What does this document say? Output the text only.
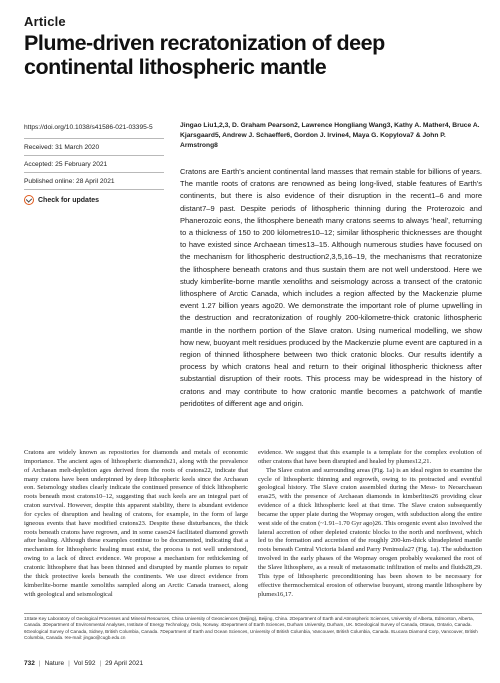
Article
Plume-driven recratonization of deep continental lithospheric mantle
https://doi.org/10.1038/s41586-021-03395-5
Received: 31 March 2020
Accepted: 25 February 2021
Published online: 28 April 2021
Check for updates
Jingao Liu1,2,3, D. Graham Pearson2, Lawrence Hongliang Wang3, Kathy A. Mather4, Bruce A. Kjarsgaard5, Andrew J. Schaeffer6, Gordon J. Irvine4, Maya G. Kopylova7 & John P. Armstrong8

Cratons are Earth's ancient continental land masses that remain stable for billions of years. The mantle roots of cratons are renowned as being long-lived, stable features of Earth's continents, but there is also evidence of their disruption in the recent1–6 and more distant7–9 past. Despite periods of lithospheric thinning during the Proterozoic and Phanerozoic eons, the lithosphere beneath many cratons seems to always 'heal', returning to a thickness of 150 to 200 kilometres10–12; similar lithospheric thicknesses are thought to have existed since Archaean times13–15. Although numerous studies have focused on the mechanism for lithospheric destruction2,3,5,16–19, the mechanisms that recratonize the lithosphere beneath cratons and thus sustain them are not well understood. Here we study kimberlite-borne mantle xenoliths and seismology across a transect of the cratonic lithosphere of Arctic Canada, which includes a region affected by the Mackenzie plume event 1.27 billion years ago20. We demonstrate the important role of plume upwelling in the destruction and recratonization of roughly 200-kilometre-thick cratonic lithospheric mantle in the northern portion of the Slave craton. Using numerical modelling, we show how new, buoyant melt residues produced by the Mackenzie plume event are captured in a region of thinned lithosphere between two thick cratonic blocks. Our results identify a process by which cratons heal and return to their original lithospheric thickness after substantial disruption of their roots. This process may be widespread in the history of cratons and may contribute to how cratonic mantle becomes a patchwork of mantle peridotites of different age and origin.

Cratons are widely known as repositories for diamonds and metals of economic importance. The ancient ages of lithospheric diamonds21, along with the prevalence of Archaean melt-depletion ages derived from the roots of cratons22, indicate that many cratons have been underpinned by deep lithospheric keels since the Archaean eon. Seismology studies clearly indicate the continued presence of thick lithospheric roots beneath most cratons10–12, suggesting that such keels are an integral part of craton survival. However, despite this apparent stability, there is abundant evidence for cycles of disruption and healing of cratons, for example, in the form of large igneous events that have modified cratons23. Despite these disturbances, the thick roots beneath cratons have regrown, and in some cases24 facilitated diamond growth after healing. Although these examples continue to be documented, indicating that a mechanism for lithospheric healing must exist, the process is not well understood, owing to a lack of direct evidence. We propose a mechanism for rethickening of cratonic lithosphere that has been thinned and disrupted by mantle plumes to repair the thick protective keels beneath the continents. We use direct evidence from kimberlite-borne mantle xenoliths sampled along an Arctic Canada transect, along with geological and seismological

evidence. We suggest that this example is a template for the complex evolution of other cratons that have been disrupted and healed by plumes12,21.

The Slave craton and surrounding areas (Fig. 1a) is an ideal region to examine the cycle of lithospheric thinning and regrowth, owing to its protracted and eventful geological history. The Slave craton assembled during the Meso- to Neoarchaean eras25, with the presence of Archaean diamonds in kimberlites26 providing clear evidence of a thick lithospheric keel at that time. The Slave craton subsequently became the upper plate during the Wopmay orogen, with subduction along the entire west side of the craton (~1.91–1.70 Gyr ago)26. This orogenic event also involved the lateral accretion of other depleted cratonic blocks to the north and northwest, which led to the formation and accretion of the roughly 200-km-thick ultradepleted mantle roots beneath Central Victoria Island and Parry Peninsula27 (Fig. 1a). The subduction involved in the early phases of the Wopmay orogen probably weakened the root of the Slave lithosphere, as a result of metasomatic infiltration of melts and fluids28,29. This type of lithospheric preconditioning has been shown to be necessary for effective thermochemical erosion of otherwise buoyant, strong mantle lithosphere by plumes16,17.

1State Key Laboratory of Geological Processes and Mineral Resources, China University of Geosciences (Beijing), Beijing, China. 2Department of Earth and Atmospheric Sciences, University of Alberta, Edmonton, Alberta, Canada. 3Department of Environmental Analyses, Institute of Energy Technology, Oslo, Norway. 4Department of Earth Sciences, Durham University, Durham, UK. 5Geological Survey of Canada, Ottawa, Ontario, Canada. 6Geological Survey of Canada, Sidney, British Columbia, Canada. 7Department of Earth and Ocean Sciences, University of British Columbia, Vancouver, British Columbia, Canada. 8Lucara Diamond Corp, Vancouver, British Columbia, Canada. ✉e-mail: jingao@cugb.edu.cn
732 | Nature | Vol 592 | 29 April 2021
